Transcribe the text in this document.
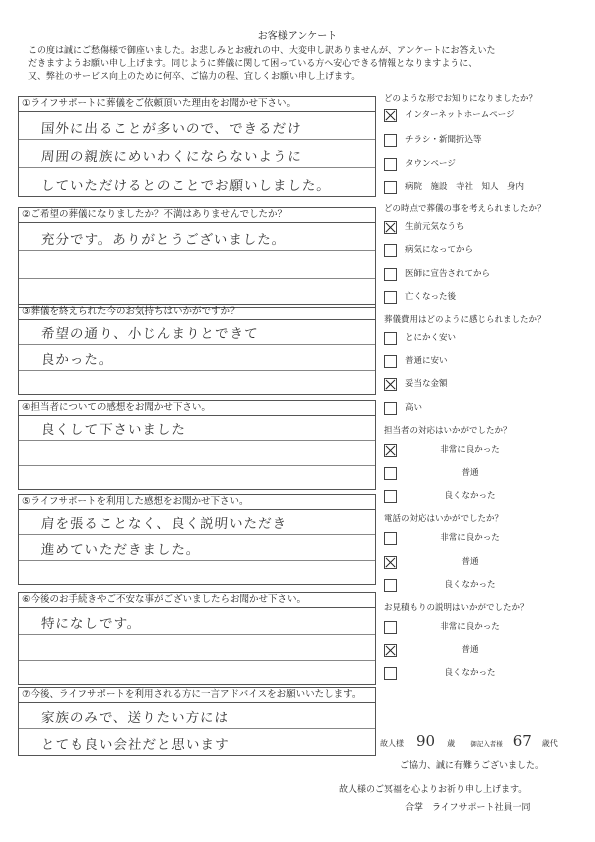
お客様アンケート
この度は誠にご愁傷様で御座いました。お悲しみとお疲れの中、大変申し訳ありませんが、アンケートにお答えいた
だきますようお願い申し上げます。同じように葬儀に関して困っている方へ安心できる情報となりますように、
又、弊社のサービス向上のために何卒、ご協力の程、宜しくお願い申し上げます。
①ライフサポートに葬儀をご依頼頂いた理由をお聞かせ下さい。
国外に出ることが多いので、できるだけ
周囲の親族にめいわくにならないように
していただけるとのことでお願いしました。
②ご希望の葬儀になりましたか？不満はありませんでしたか？
充分です。ありがとうございました。
③葬儀を終えられた今のお気持ちはいかがですか？
希望の通り、小じんまりとできて
良かった。
④担当者についての感想をお聞かせ下さい。
良くして下さいました
⑤ライフサポートを利用した感想をお聞かせ下さい。
肩を張ることなく、良く説明いただき
進めていただきました。
⑥今後のお手続きやご不安な事がございましたらお聞かせ下さい。
特になしです。
⑦今後、ライフサポートを利用される方に一言アドバイスをお願いいたします。
家族のみで、送りたい方には
とても良い会社だと思います
どのような形でお知りになりましたか？
インターネットホームページ
チラシ・新聞折込等
タウンページ
病院　施設　寺社　知人　身内
どの時点で葬儀の事を考えられましたか？
生前元気なうち
病気になってから
医師に宣告されてから
亡くなった後
葬儀費用はどのように感じられましたか？
とにかく安い
普通に安い
妥当な金額
高い
担当者の対応はいかがでしたか？
非常に良かった
普通
良くなかった
電話の対応はいかがでしたか？
非常に良かった
普通
良くなかった
お見積もりの説明はいかがでしたか？
非常に良かった
普通
良くなかった
故人様 90 歳 御記入者様 67 歳代
ご協力、誠に有難うございました。
故人様のご冥福を心よりお祈り申し上げます。
合掌　ライフサポート社員一同
